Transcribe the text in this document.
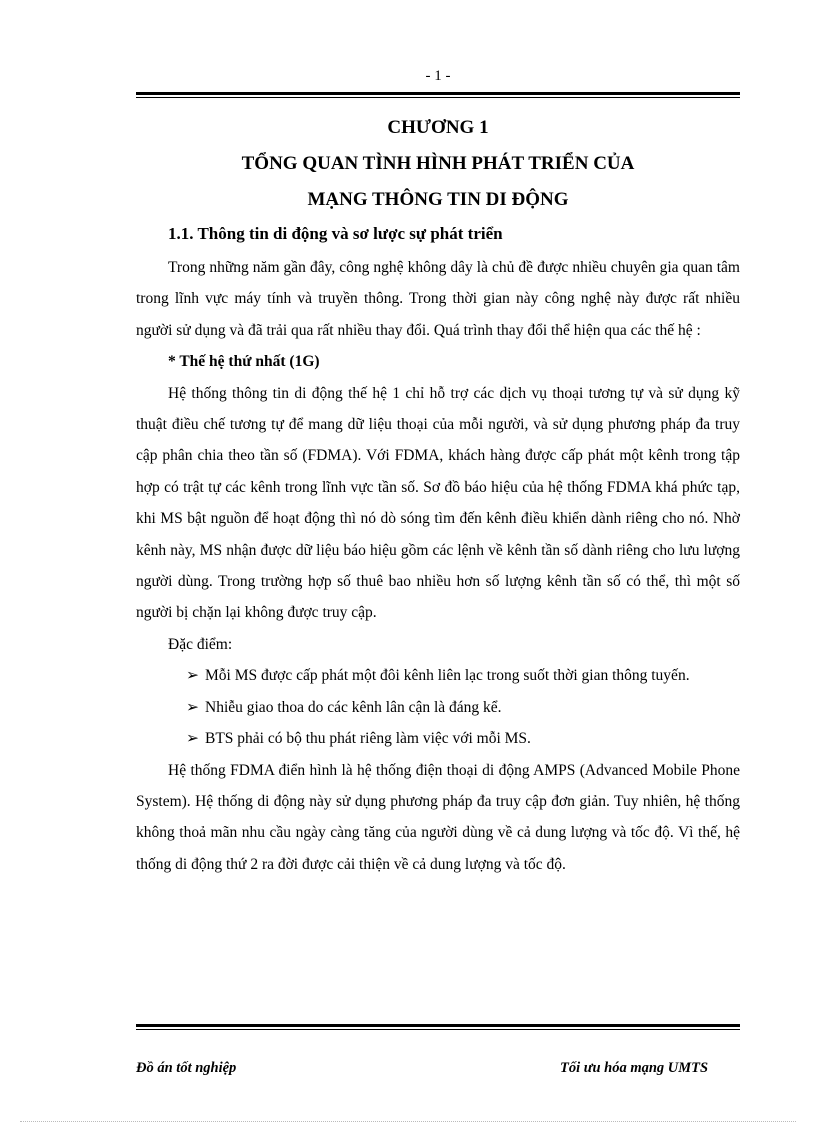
- 1 -
CHƯƠNG 1
TỔNG QUAN TÌNH HÌNH PHÁT TRIỂN CỦA
MẠNG THÔNG TIN DI ĐỘNG
1.1. Thông tin di động và sơ lược sự phát triển

Trong những năm gần đây, công nghệ không dây là chủ đề được nhiều chuyên gia quan tâm trong lĩnh vực máy tính và truyền thông. Trong thời gian này công nghệ này được rất nhiều người sử dụng và đã trải qua rất nhiều thay đổi. Quá trình thay đổi thể hiện qua các thế hệ :

* Thế hệ thứ nhất (1G)

Hệ thống thông tin di động thế hệ 1 chỉ hỗ trợ các dịch vụ thoại tương tự và sử dụng kỹ thuật điều chế tương tự để mang dữ liệu thoại của mỗi người, và sử dụng phương pháp đa truy cập phân chia theo tần số (FDMA). Với FDMA, khách hàng được cấp phát một kênh trong tập hợp có trật tự các kênh trong lĩnh vực tần số. Sơ đồ báo hiệu của hệ thống FDMA khá phức tạp, khi MS bật nguồn để hoạt động thì nó dò sóng tìm đến kênh điều khiển dành riêng cho nó. Nhờ kênh này, MS nhận được dữ liệu báo hiệu gồm các lệnh về kênh tần số dành riêng cho lưu lượng người dùng. Trong trường hợp số thuê bao nhiều hơn số lượng kênh tần số có thể, thì một số người bị chặn lại không được truy cập.

Đặc điểm:

➢ Mỗi MS được cấp phát một đôi kênh liên lạc trong suốt thời gian thông tuyến.
➢ Nhiễu giao thoa do các kênh lân cận là đáng kể.
➢ BTS phải có bộ thu phát riêng làm việc với mỗi MS.

Hệ thống FDMA điển hình là hệ thống điện thoại di động AMPS (Advanced Mobile Phone System). Hệ thống di động này sử dụng phương pháp đa truy cập đơn giản. Tuy nhiên, hệ thống không thoả mãn nhu cầu ngày càng tăng của người dùng về cả dung lượng và tốc độ. Vì thế, hệ thống di động thứ 2 ra đời được cải thiện về cả dung lượng và tốc độ.

Đồ án tốt nghiệp	Tối ưu hóa mạng UMTS
